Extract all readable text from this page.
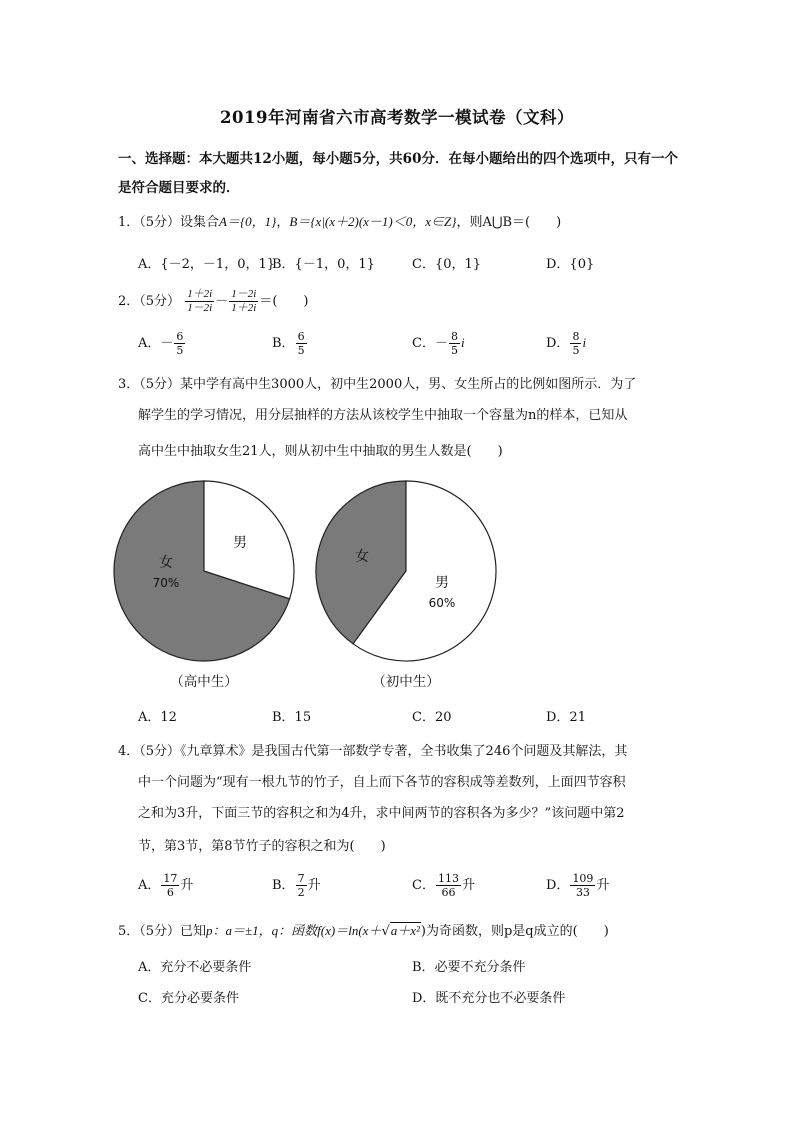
2019年河南省六市高考数学一模试卷（文科）
一、选择题：本大题共12小题，每小题5分，共60分．在每小题给出的四个选项中，只有一个是符合题目要求的．
1．（5分）设集合A＝{0，1}，B＝{x|(x＋2)(x－1)＜0，x∈Z}，则A⋃B＝(　　)
A．{－2，－1，0，1}
B．{－1，0，1}	C．{0，1}	D．{0}
2．（5分） $\frac{1+2i}{1-2i} - \frac{1-2i}{1+2i}$ ＝(　　)
A．－ $\frac{6}{5}$	B． $\frac{6}{5}$	C．－ $\frac{8}{5}$ i	D． $\frac{8}{5}$ i
3．（5分）某中学有高中生3000人，初中生2000人，男、女生所占的比例如图所示．为了
解学生的学习情况，用分层抽样的方法从该校学生中抽取一个容量为n的样本，已知从
高中生中抽取女生21人，则从初中生中抽取的男生人数是(　　)
女
70%
男
（高中生）
女
男
60%
（初中生）
A．12	B．15	C．20	D．21
4．（5分）《九章算术》是我国古代第一部数学专著，全书收集了246个问题及其解法，其
中一个问题为“现有一根九节的竹子，自上而下各节的容积成等差数列，上面四节容积
之和为3升，下面三节的容积之和为4升，求中间两节的容积各为多少？”该问题中第2
节，第3节，第8节竹子的容积之和为(　　)
A． $\frac{17}{6}$ 升	B． $\frac{7}{2}$ 升	C． $\frac{113}{66}$ 升	D． $\frac{109}{33}$ 升
5．（5分）已知p：a＝±1，q：函数f(x)＝ln(x＋√a＋x²)为奇函数，则p是q成立的(　　)
A．充分不必要条件	B．必要不充分条件
C．充分必要条件	D．既不充分也不必要条件
